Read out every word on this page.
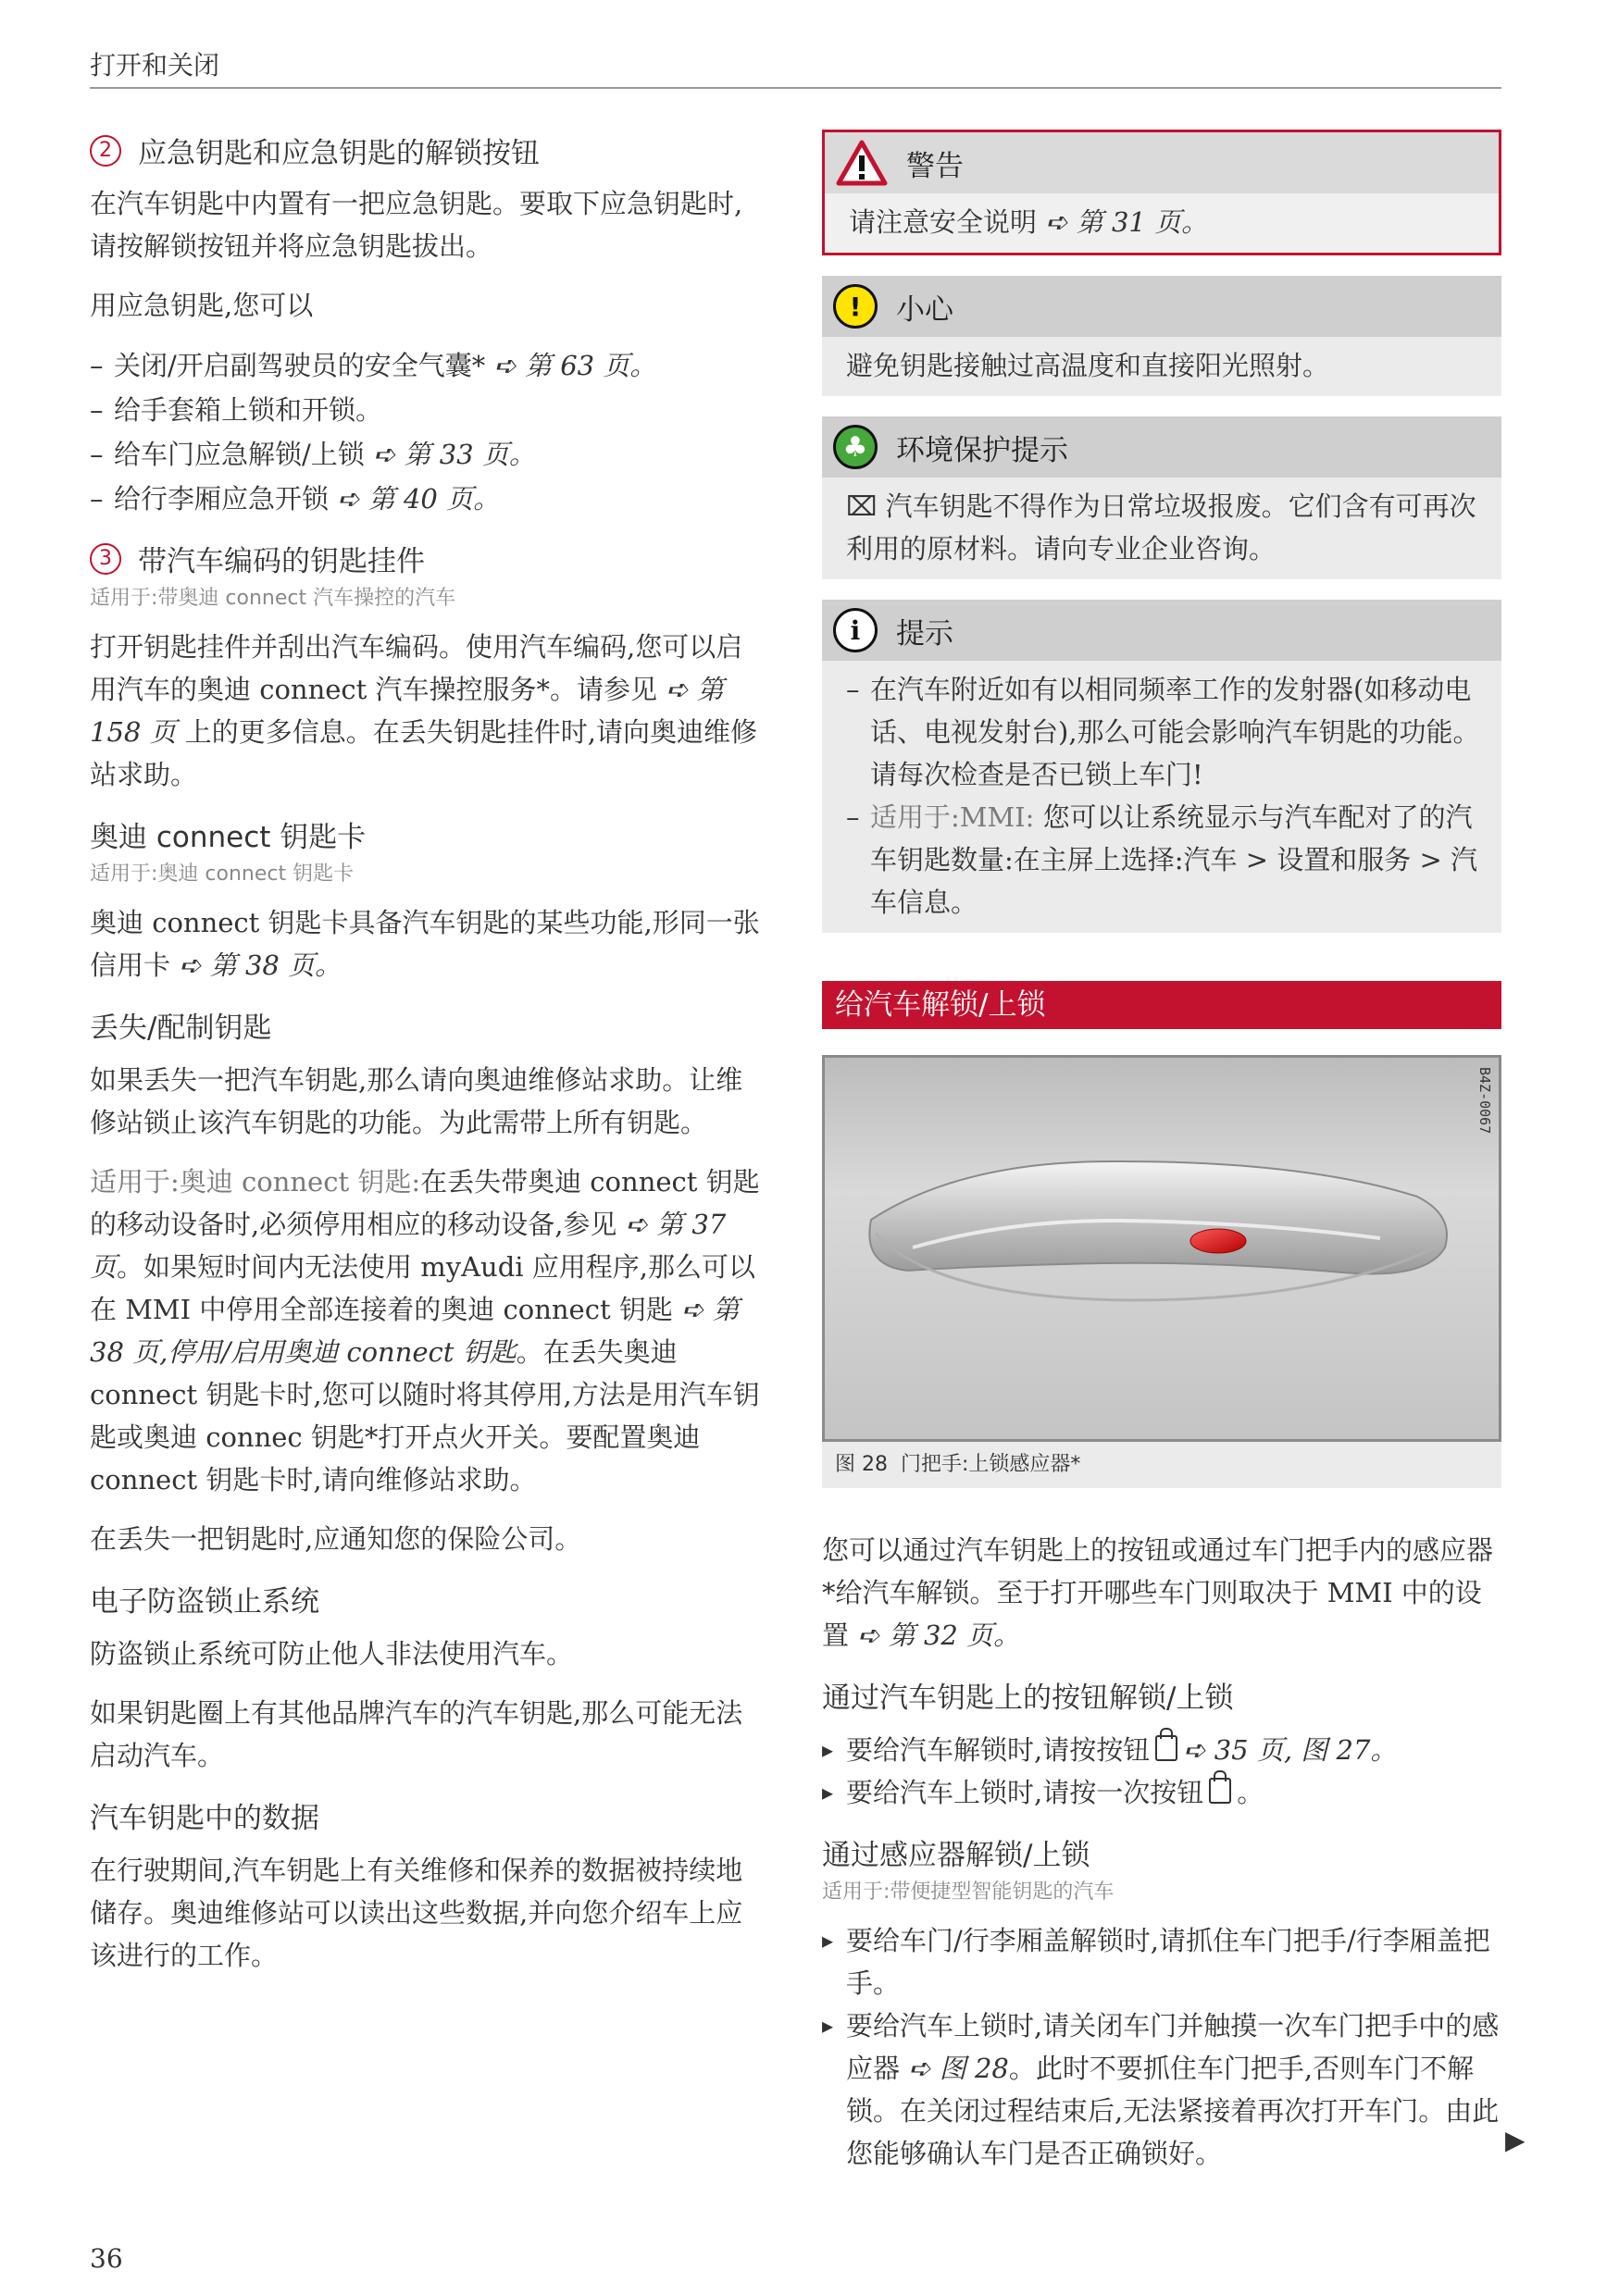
打开和关闭
2 应急钥匙和应急钥匙的解锁按钮

在汽车钥匙中内置有一把应急钥匙。要取下应急钥匙时,请按解锁按钮并将应急钥匙拔出。

用应急钥匙,您可以

– 关闭/开启副驾驶员的安全气囊* ➪ 第 63 页。
– 给手套箱上锁和开锁。
– 给车门应急解锁/上锁 ➪ 第 33 页。
– 给行李厢应急开锁 ➪ 第 40 页。
3 带汽车编码的钥匙挂件
适用于:带奥迪 connect 汽车操控的汽车

打开钥匙挂件并刮出汽车编码。使用汽车编码,您可以启用汽车的奥迪 connect 汽车操控服务*。请参见 ➪ 第 158 页 上的更多信息。在丢失钥匙挂件时,请向奥迪维修站求助。

奥迪 connect 钥匙卡
适用于:奥迪 connect 钥匙卡

奥迪 connect 钥匙卡具备汽车钥匙的某些功能,形同一张信用卡 ➪ 第 38 页。

丢失/配制钥匙

如果丢失一把汽车钥匙,那么请向奥迪维修站求助。让维修站锁止该汽车钥匙的功能。为此需带上所有钥匙。

适用于:奥迪 connect 钥匙:在丢失带奥迪 connect 钥匙的移动设备时,必须停用相应的移动设备,参见 ➪ 第 37 页。如果短时间内无法使用 myAudi 应用程序,那么可以在 MMI 中停用全部连接着的奥迪 connect 钥匙 ➪ 第 38 页,停用/启用奥迪 connect 钥匙。在丢失奥迪 connect 钥匙卡时,您可以随时将其停用,方法是用汽车钥匙或奥迪 connec 钥匙*打开点火开关。要配置奥迪 connect 钥匙卡时,请向维修站求助。

在丢失一把钥匙时,应通知您的保险公司。

电子防盗锁止系统

防盗锁止系统可防止他人非法使用汽车。

如果钥匙圈上有其他品牌汽车的汽车钥匙,那么可能无法启动汽车。

汽车钥匙中的数据

在行驶期间,汽车钥匙上有关维修和保养的数据被持续地储存。奥迪维修站可以读出这些数据,并向您介绍车上应该进行的工作。

警告
请注意安全说明 ➪ 第 31 页。
!	小心
避免钥匙接触过高温度和直接阳光照射。
♣ 环境保护提示
⌧ 汽车钥匙不得作为日常垃圾报废。它们含有可再次利用的原材料。请向专业企业咨询。
i	提示
– 在汽车附近如有以相同频率工作的发射器(如移动电话、电视发射台),那么可能会影响汽车钥匙的功能。请每次检查是否已锁上车门!
– 适用于:MMI: 您可以让系统显示与汽车配对了的汽车钥匙数量:在主屏上选择:汽车 > 设置和服务 > 汽车信息。
给汽车解锁/上锁
B4Z-0067
图 28 门把手:上锁感应器*

您可以通过汽车钥匙上的按钮或通过车门把手内的感应器*给汽车解锁。至于打开哪些车门则取决于 MMI 中的设置 ➪ 第 32 页。

通过汽车钥匙上的按钮解锁/上锁
▸ 要给汽车解锁时,请按按钮 ➪ 35 页, 图 27。
▸ 要给汽车上锁时,请按一次按钮 。
通过感应器解锁/上锁
适用于:带便捷型智能钥匙的汽车
▸ 要给车门/行李厢盖解锁时,请抓住车门把手/行李厢盖把手。
▸ 要给汽车上锁时,请关闭车门并触摸一次车门把手中的感应器 ➪ 图 28。此时不要抓住车门把手,否则车门不解锁。在关闭过程结束后,无法紧接着再次打开车门。由此您能够确认车门是否正确锁好。	▶
36
